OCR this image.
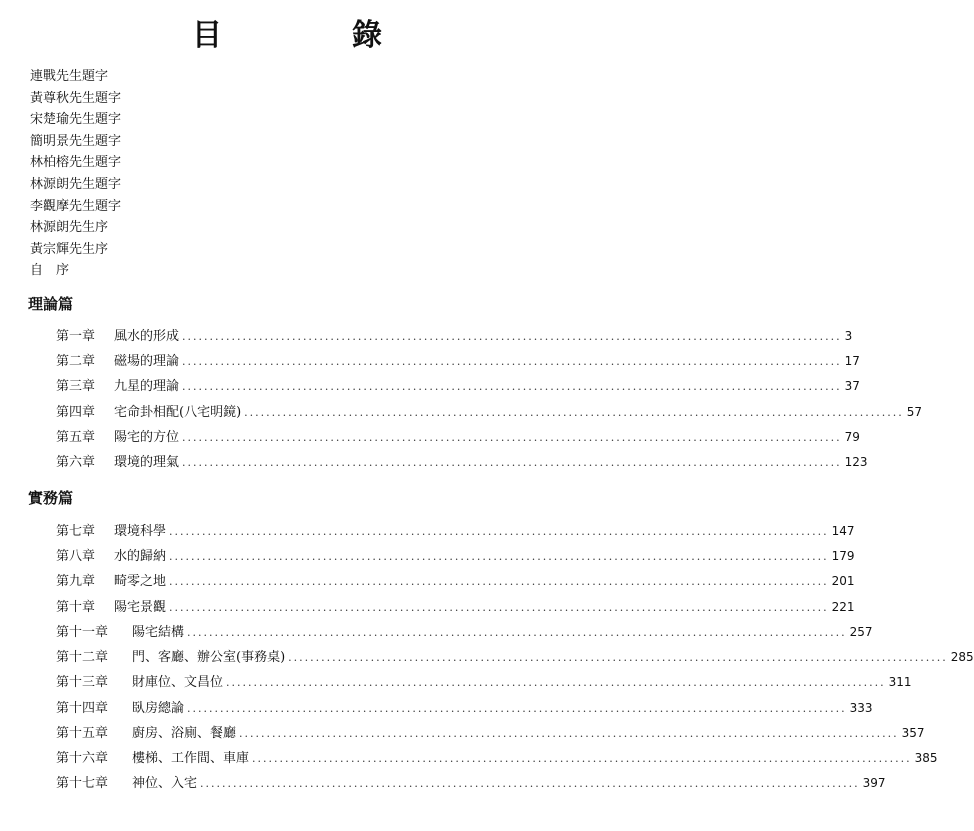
目　錄
連戰先生題字
黃尊秋先生題字
宋楚瑜先生題字
簡明景先生題字
林柏榕先生題字
林源朗先生題字
李觀摩先生題字
林源朗先生序
黃宗輝先生序
自　序
理論篇
第一章	風水的形成 ........................................................................................................................ 3
第二章	磁場的理論 ........................................................................................................................ 17
第三章	九星的理論 ........................................................................................................................ 37
第四章	宅命卦相配(八宅明鏡) ........................................................................................................................ 57
第五章	陽宅的方位 ........................................................................................................................ 79
第六章	環境的理氣 ........................................................................................................................ 123
實務篇
第七章	環境科學 ........................................................................................................................ 147
第八章	水的歸納 ........................................................................................................................ 179
第九章	畸零之地 ........................................................................................................................ 201
第十章	陽宅景觀 ........................................................................................................................ 221
第十一章	陽宅結構 ........................................................................................................................ 257
第十二章	門、客廳、辦公室(事務桌) ........................................................................................................................ 285
第十三章	財庫位、文昌位 ........................................................................................................................ 311
第十四章	臥房總論 ........................................................................................................................ 333
第十五章	廚房、浴廁、餐廳 ........................................................................................................................ 357
第十六章	樓梯、工作間、車庫 ........................................................................................................................ 385
第十七章	神位、入宅 ........................................................................................................................ 397
